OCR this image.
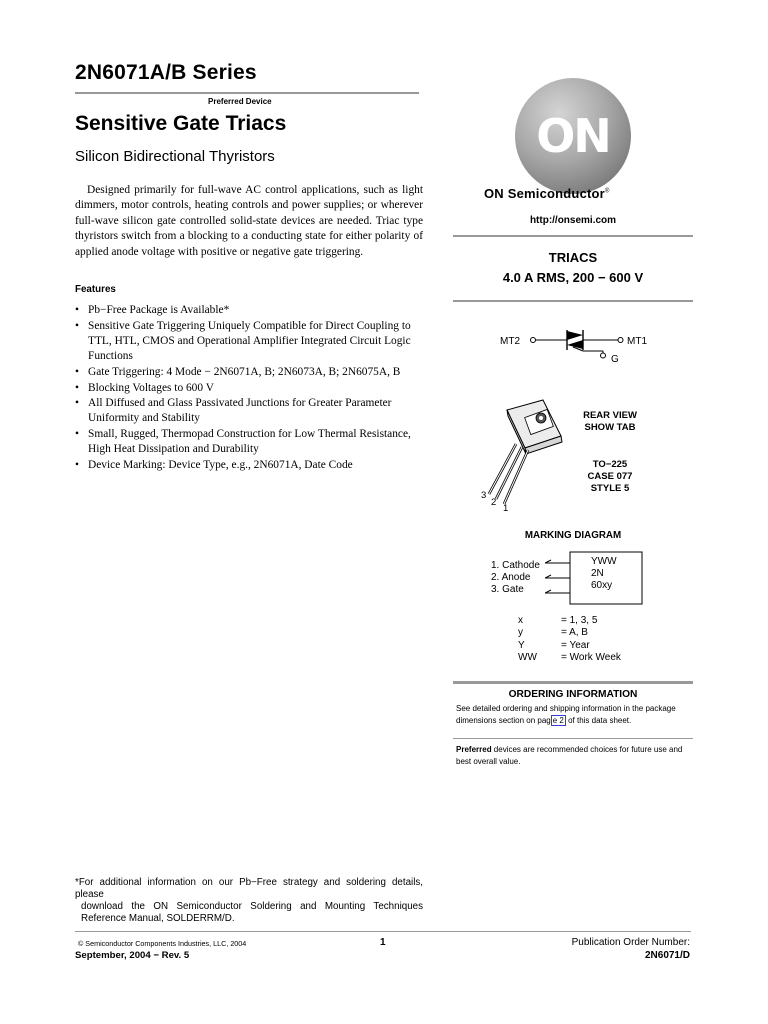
2N6071A/B Series
Preferred Device
Sensitive Gate Triacs
Silicon Bidirectional Thyristors
Designed primarily for full-wave AC control applications, such as light dimmers, motor controls, heating controls and power supplies; or wherever full-wave silicon gate controlled solid-state devices are needed. Triac type thyristors switch from a blocking to a conducting state for either polarity of applied anode voltage with positive or negative gate triggering.
Features
• Pb−Free Package is Available*
• Sensitive Gate Triggering Uniquely Compatible for Direct Coupling to TTL, HTL, CMOS and Operational Amplifier Integrated Circuit Logic Functions
• Gate Triggering: 4 Mode − 2N6071A, B; 2N6073A, B; 2N6075A, B
• Blocking Voltages to 600 V
• All Diffused and Glass Passivated Junctions for Greater Parameter Uniformity and Stability
• Small, Rugged, Thermopad Construction for Low Thermal Resistance, High Heat Dissipation and Durability
• Device Marking: Device Type, e.g., 2N6071A, Date Code
*For additional information on our Pb−Free strategy and soldering details, please
download the ON Semiconductor Soldering and Mounting Techniques Reference Manual, SOLDERRM/D.
© Semiconductor Components Industries, LLC, 2004
September, 2004 − Rev. 5
1	Publication Order Number:
2N6071/D
ON
ON Semiconductor®
http://onsemi.com
TRIACS
4.0 A RMS, 200 − 600 V
MT2	MT1
G
REAR VIEW
SHOW TAB
TO−225
CASE 077
STYLE 5
3
2
1
MARKING DIAGRAM
1. Cathode
2. Anode
3. Gate
YWW
2N
60xy
x	= 1, 3, 5
y	= A, B
Y	= Year
WW	= Work Week
ORDERING INFORMATION
See detailed ordering and shipping information in the package dimensions section on pag e 2 of this data sheet.
Preferred devices are recommended choices for future use and best overall value.
